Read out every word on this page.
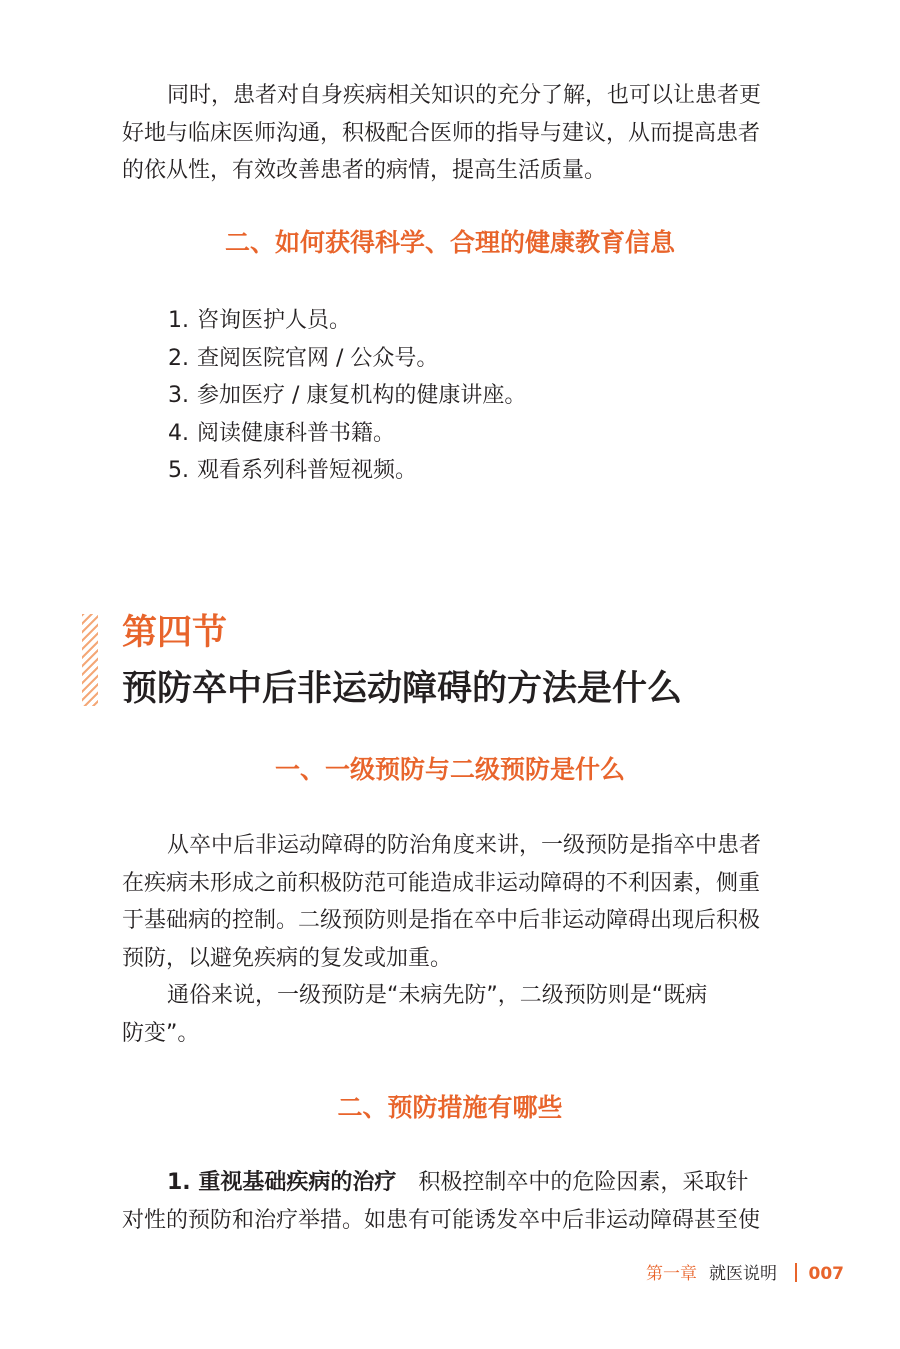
同时，患者对自身疾病相关知识的充分了解，也可以让患者更
好地与临床医师沟通，积极配合医师的指导与建议，从而提高患者
的依从性，有效改善患者的病情，提高生活质量。

二、如何获得科学、合理的健康教育信息
1. 咨询医护人员。
2. 查阅医院官网 / 公众号。
3. 参加医疗 / 康复机构的健康讲座。
4. 阅读健康科普书籍。
5. 观看系列科普短视频。
第四节
预防卒中后非运动障碍的方法是什么
一、一级预防与二级预防是什么

从卒中后非运动障碍的防治角度来讲，一级预防是指卒中患者
在疾病未形成之前积极防范可能造成非运动障碍的不利因素，侧重
于基础病的控制。二级预防则是指在卒中后非运动障碍出现后积极
预防，以避免疾病的复发或加重。

通俗来说，一级预防是“未病先防”，二级预防则是“既病
防变”。

二、预防措施有哪些

1. 重视基础疾病的治疗 积极控制卒中的危险因素，采取针
对性的预防和治疗举措。如患有可能诱发卒中后非运动障碍甚至使

第一章 就医说明 007
